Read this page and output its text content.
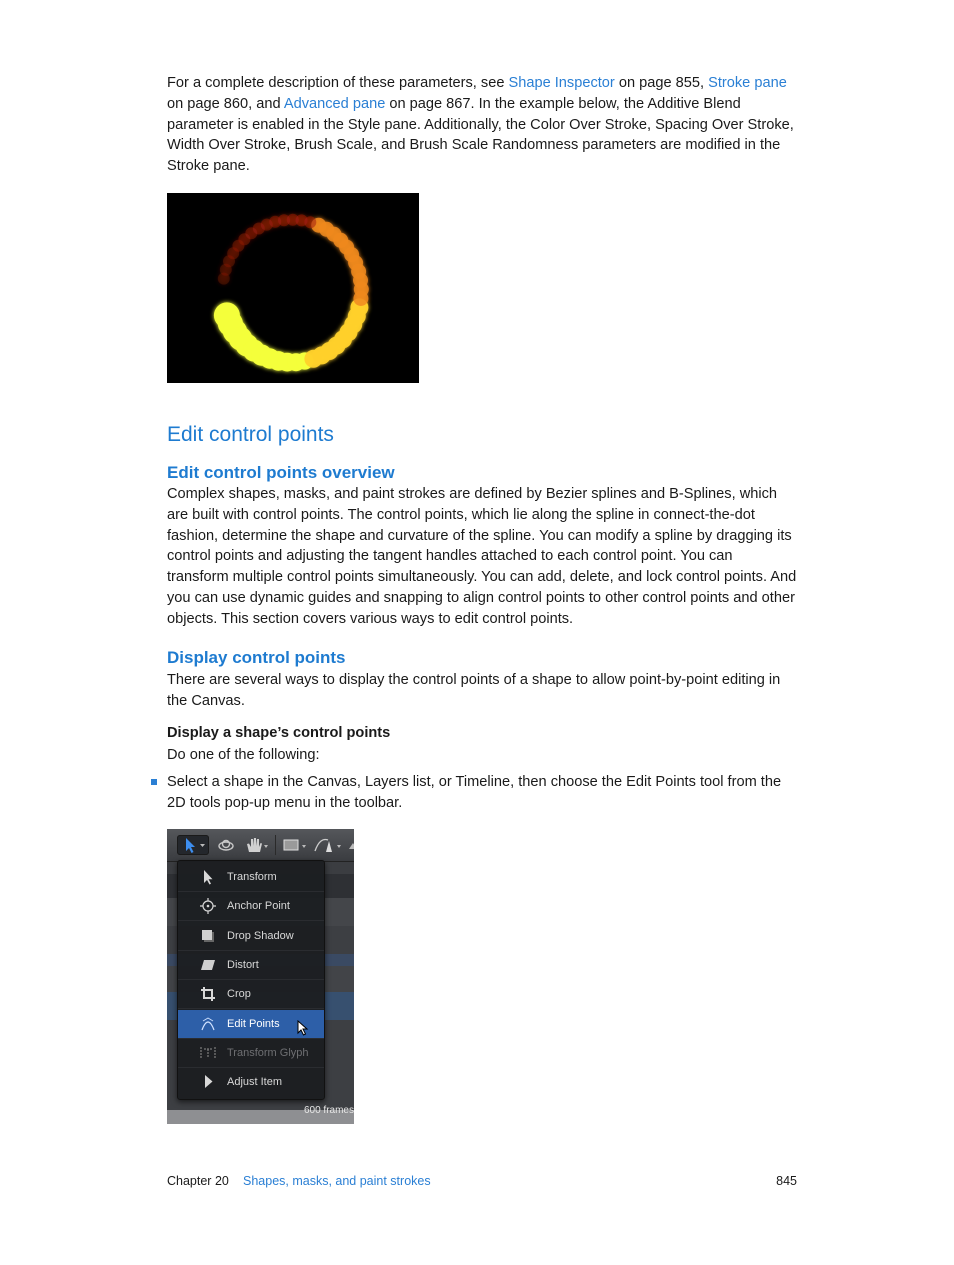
For a complete description of these parameters, see Shape Inspector on page 855, Stroke pane on page 860, and Advanced pane on page 867. In the example below, the Additive Blend parameter is enabled in the Style pane. Additionally, the Color Over Stroke, Spacing Over Stroke, Width Over Stroke, Brush Scale, and Brush Scale Randomness parameters are modified in the Stroke pane.

Edit control points
Edit control points overview

Complex shapes, masks, and paint strokes are defined by Bezier splines and B-Splines, which are built with control points. The control points, which lie along the spline in connect-the-dot fashion, determine the shape and curvature of the spline. You can modify a spline by dragging its control points and adjusting the tangent handles attached to each control point. You can transform multiple control points simultaneously. You can add, delete, and lock control points. And you can use dynamic guides and snapping to align control points to other control points and other objects. This section covers various ways to edit control points.

Display control points

There are several ways to display the control points of a shape to allow point-by-point editing in the Canvas.

Display a shape’s control points

Do one of the following:

Select a shape in the Canvas, Layers list, or Timeline, then choose the Edit Points tool from the 2D tools pop-up menu in the toolbar.

Transform
Anchor Point
Drop Shadow
Distort
Crop
Edit Points
Transform Glyph
Adjust Item
600 frames
Chapter 20 Shapes, masks, and paint strokes	845
